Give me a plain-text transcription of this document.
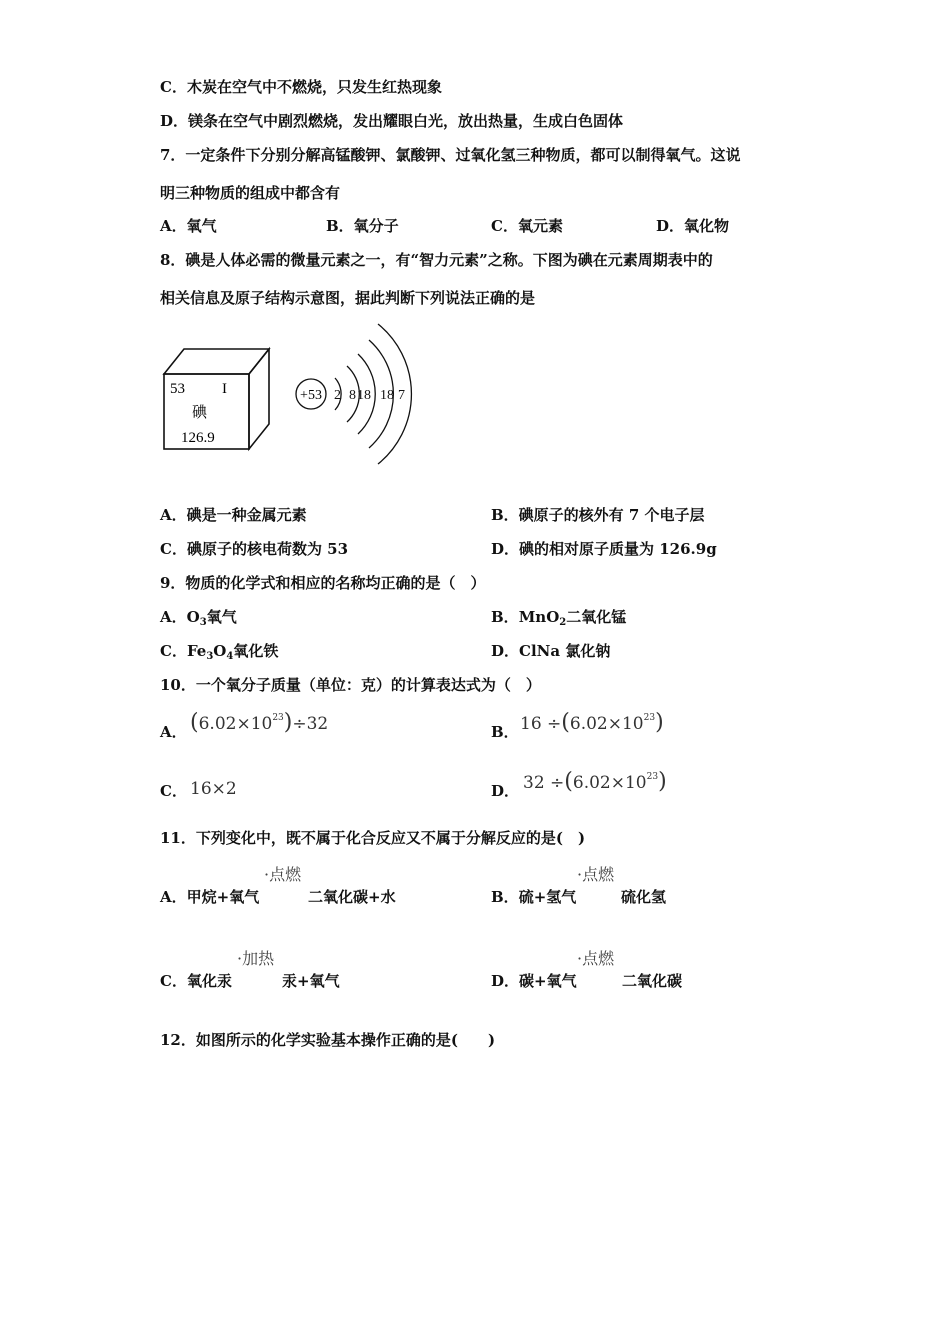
C．木炭在空气中不燃烧，只发生红热现象
D．镁条在空气中剧烈燃烧，发出耀眼白光，放出热量，生成白色固体
7．一定条件下分别分解高锰酸钾、氯酸钾、过氧化氢三种物质，都可以制得氧气。这说
明三种物质的组成中都含有
A．氧气	B．氧分子	C．氧元素	D．氧化物
8．碘是人体必需的微量元素之一，有“智力元素”之称。下图为碘在元素周期表中的
相关信息及原子结构示意图，据此判断下列说法正确的是
53 I
碘
126.9
+53 2 8 18 18 7
A．碘是一种金属元素	B．碘原子的核外有 7 个电子层
C．碘原子的核电荷数为 53	D．碘的相对原子质量为 126.9g
9．物质的化学式和相应的名称均正确的是（　）
A．$O_3$氧气	B．MnO$_2$二氧化锰
C．$Fe_3O_4$氧化铁	D．ClNa 氯化钠
10．一个氧分子质量（单位：克）的计算表达式为（　）
A． $(6.02\times 10^{23})\div 32$	B． $16 \div(6.02\times 10^{23})$
C． 16×2	D． $32 \div(6.02\times 10^{23})$
11．下列变化中，既不属于化合反应又不属于分解反应的是(　)
·点燃
A．甲烷+氧气	二氧化碳+水
·点燃
B．硫+氢气	硫化氢
·加热
C．氧化汞	汞+氧气
·点燃
D．碳+氧气	二氧化碳
12．如图所示的化学实验基本操作正确的是(　　)
